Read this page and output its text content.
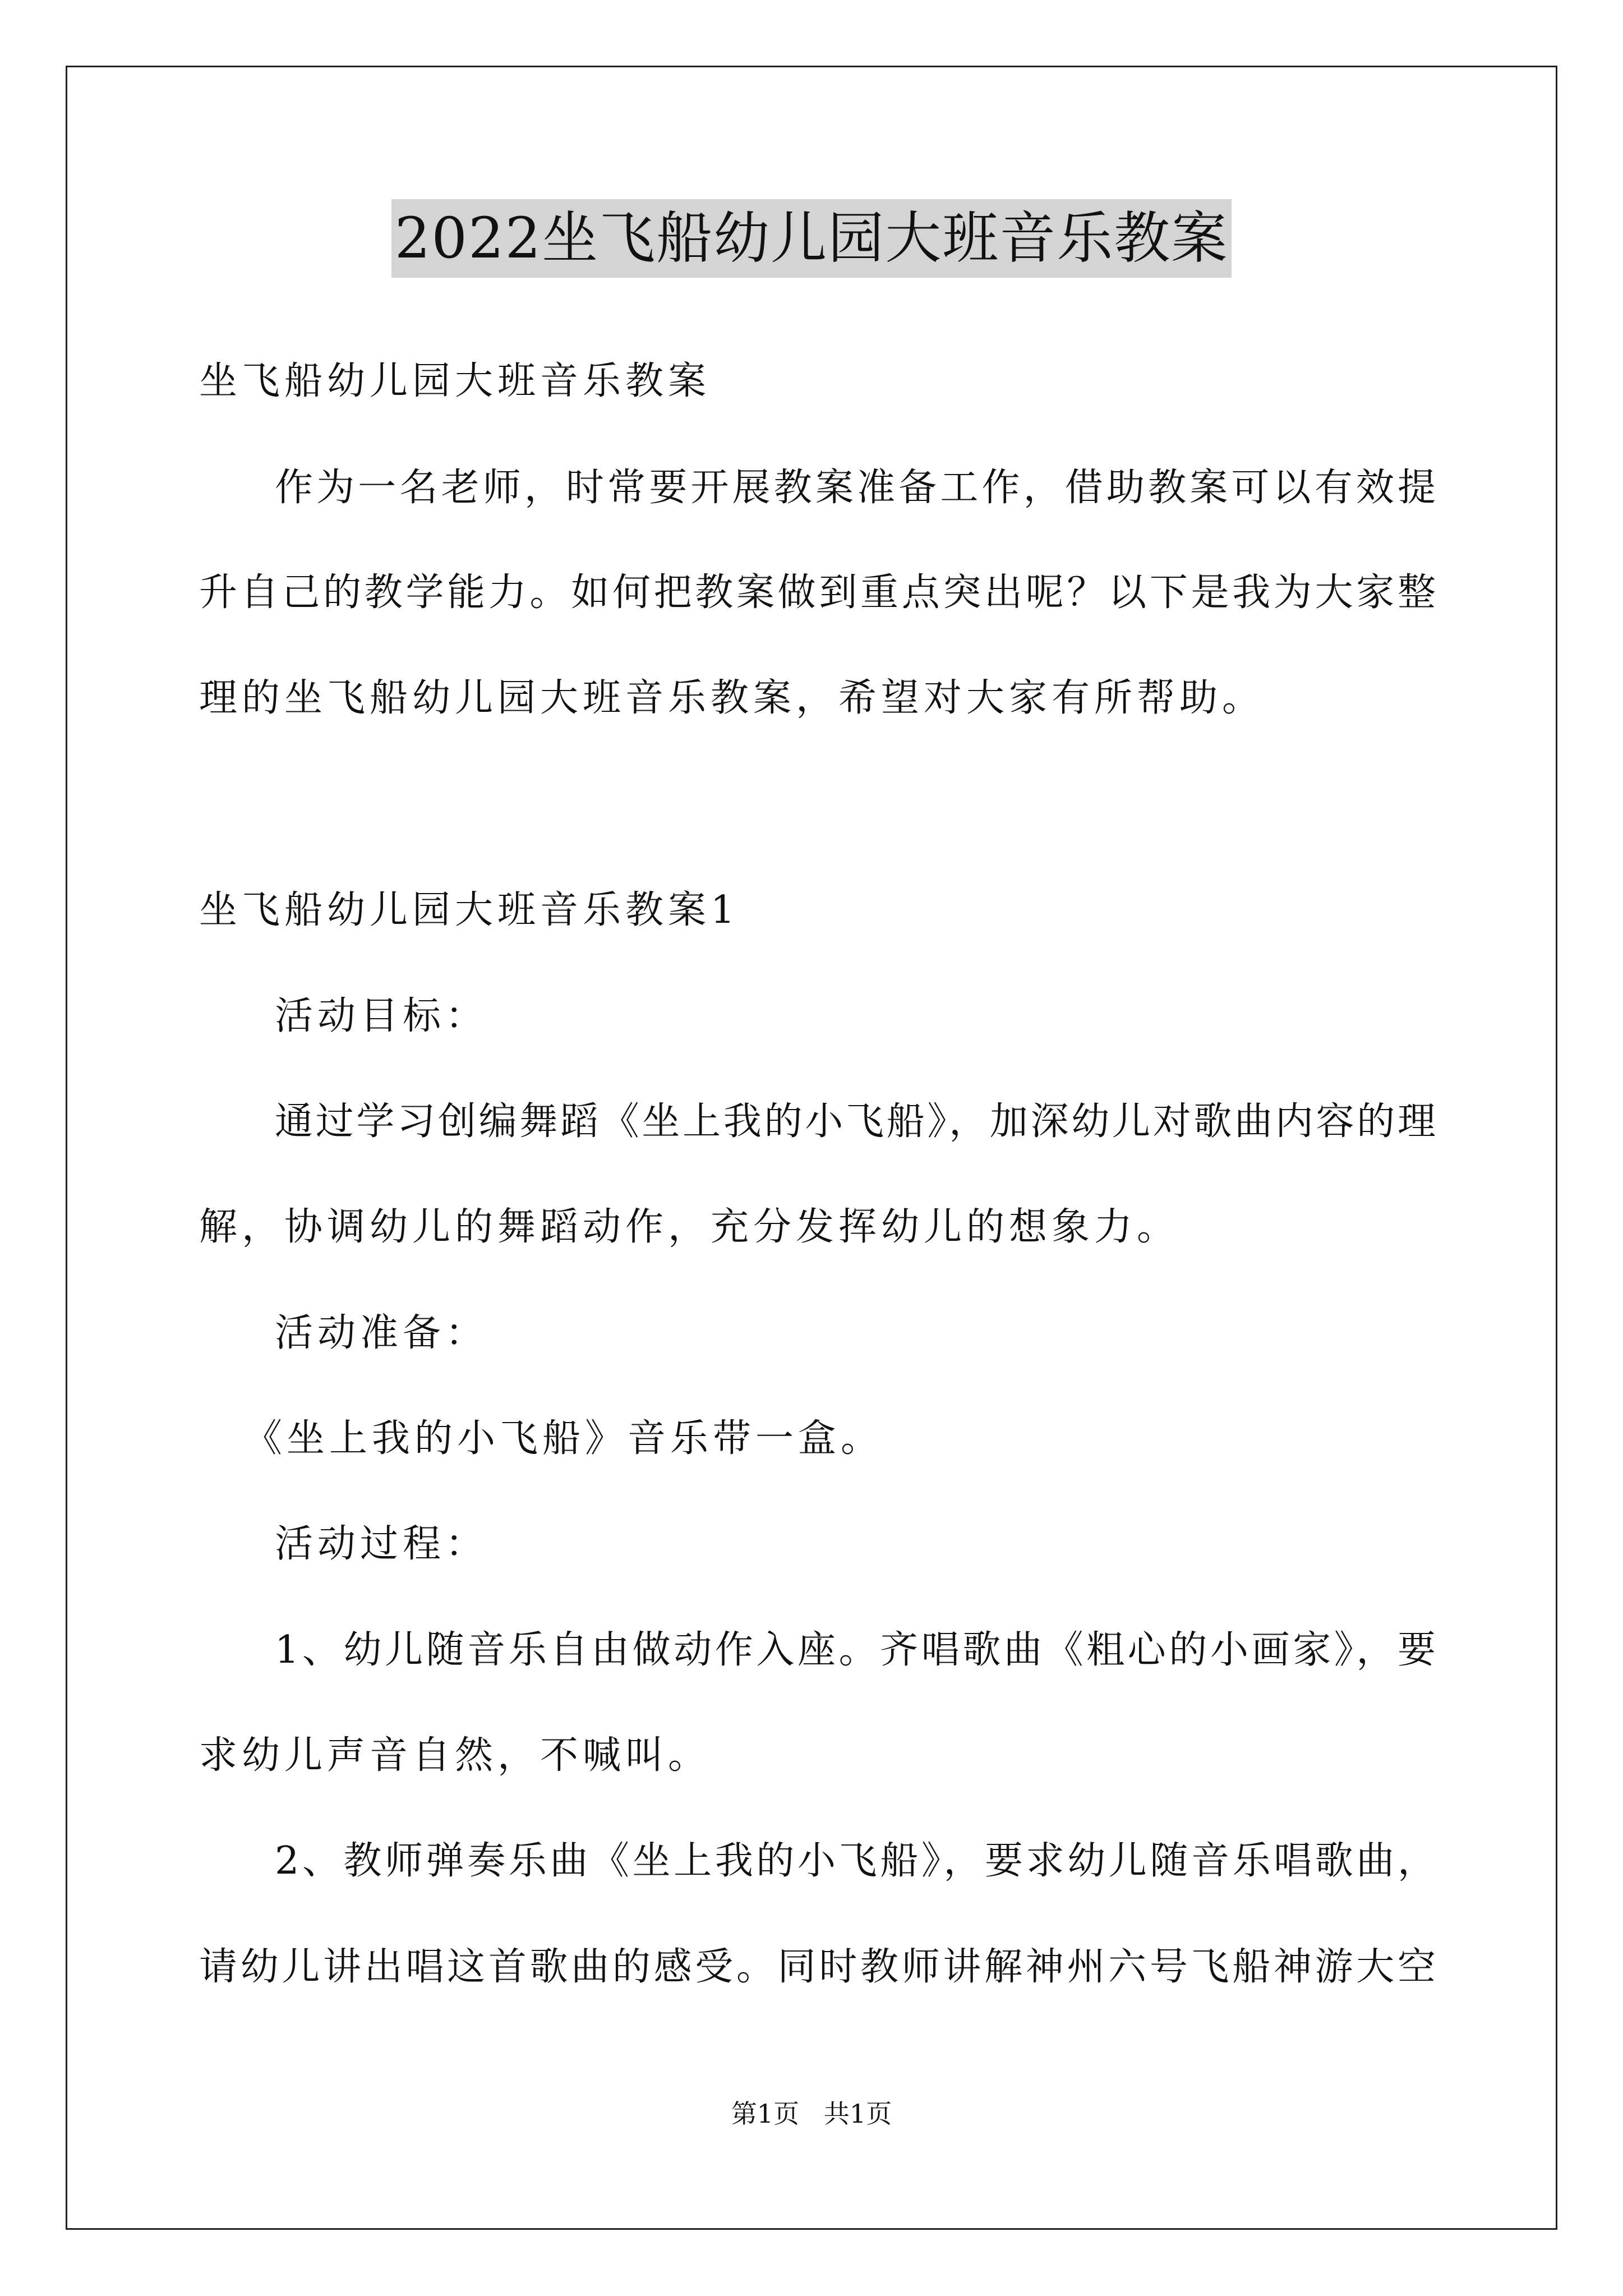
2022坐飞船幼儿园大班音乐教案
坐飞船幼儿园大班音乐教案
作为一名老师，时常要开展教案准备工作，借助教案可以有效提
升自己的教学能力。如何把教案做到重点突出呢？以下是我为大家整
理的坐飞船幼儿园大班音乐教案，希望对大家有所帮助。
坐飞船幼儿园大班音乐教案1
活动目标：
通过学习创编舞蹈《坐上我的小飞船》，加深幼儿对歌曲内容的理
解，协调幼儿的舞蹈动作，充分发挥幼儿的想象力。
活动准备：
《坐上我的小飞船》音乐带一盒。
活动过程：
1、幼儿随音乐自由做动作入座。齐唱歌曲《粗心的小画家》，要
求幼儿声音自然，不喊叫。
2、教师弹奏乐曲《坐上我的小飞船》，要求幼儿随音乐唱歌曲，
请幼儿讲出唱这首歌曲的感受。同时教师讲解神州六号飞船神游大空
第1页   共1页
